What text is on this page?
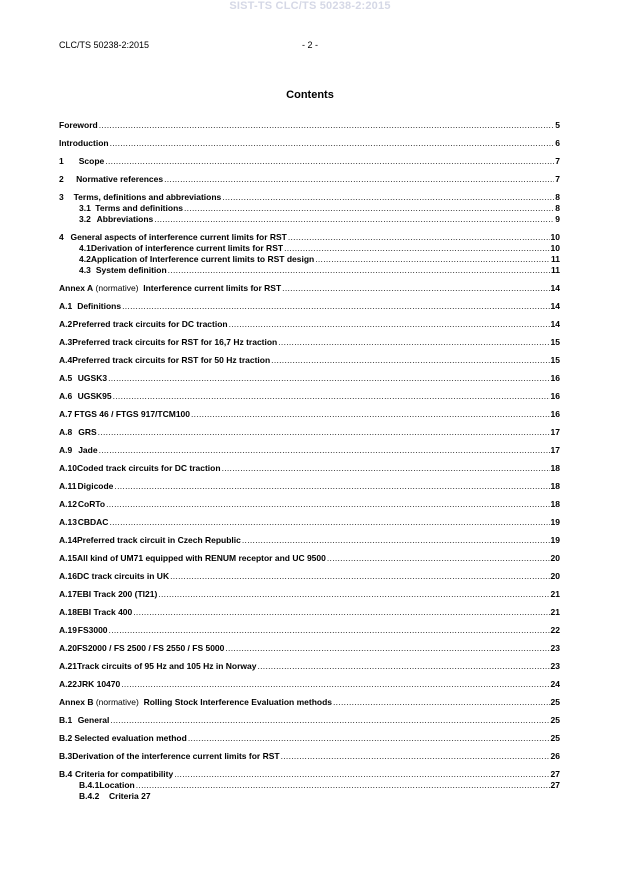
SIST-TS CLC/TS 50238-2:2015
CLC/TS 50238-2:2015	- 2 -
Contents
Foreword .....	5
Introduction .....	6
1	Scope .....	7
2	Normative references .....	7
3	Terms, definitions and abbreviations .....	8
3.1 Terms and definitions .....	8
3.2 Abbreviations .....	9
4 General aspects of interference current limits for RST .....	10
4.1 Derivation of interference current limits for RST .....	10
4.2 Application of Interference current limits to RST design .....	11
4.3 System definition .....	11
Annex A (normative)  Interference current limits for RST .....	14
A.1 Definitions .....	14
A.2 Preferred track circuits for DC traction .....	14
A.3 Preferred track circuits for RST for 16,7 Hz traction .....	15
A.4 Preferred track circuits for RST for 50 Hz traction .....	15
A.5 UGSK3 .....	16
A.6 UGSK95 .....	16
A.7 FTGS 46 / FTGS 917/TCM100 .....	16
A.8 GRS .....	17
A.9 Jade .....	17
A.10 Coded track circuits for DC traction .....	18
A.11 Digicode .....	18
A.12 CoRTo .....	18
A.13 CBDAC .....	19
A.14 Preferred track circuit in Czech Republic .....	19
A.15 All kind of UM71 equipped with RENUM receptor and UC 9500 .....	20
A.16 DC track circuits in UK .....	20
A.17 EBI Track 200 (TI21) .....	21
A.18 EBI Track 400 .....	21
A.19 FS3000 .....	22
A.20 FS2000 / FS 2500 / FS 2550 / FS 5000 .....	23
A.21 Track circuits of 95 Hz and 105 Hz in Norway .....	23
A.22 JRK 10470 .....	24
Annex B (normative)  Rolling Stock Interference Evaluation methods .....	25
B.1 General .....	25
B.2 Selected evaluation method .....	25
B.3 Derivation of the interference current limits for RST .....	26
B.4 Criteria for compatibility .....	27
B.4.1 Location .....	27
B.4.2	Criteria 27
